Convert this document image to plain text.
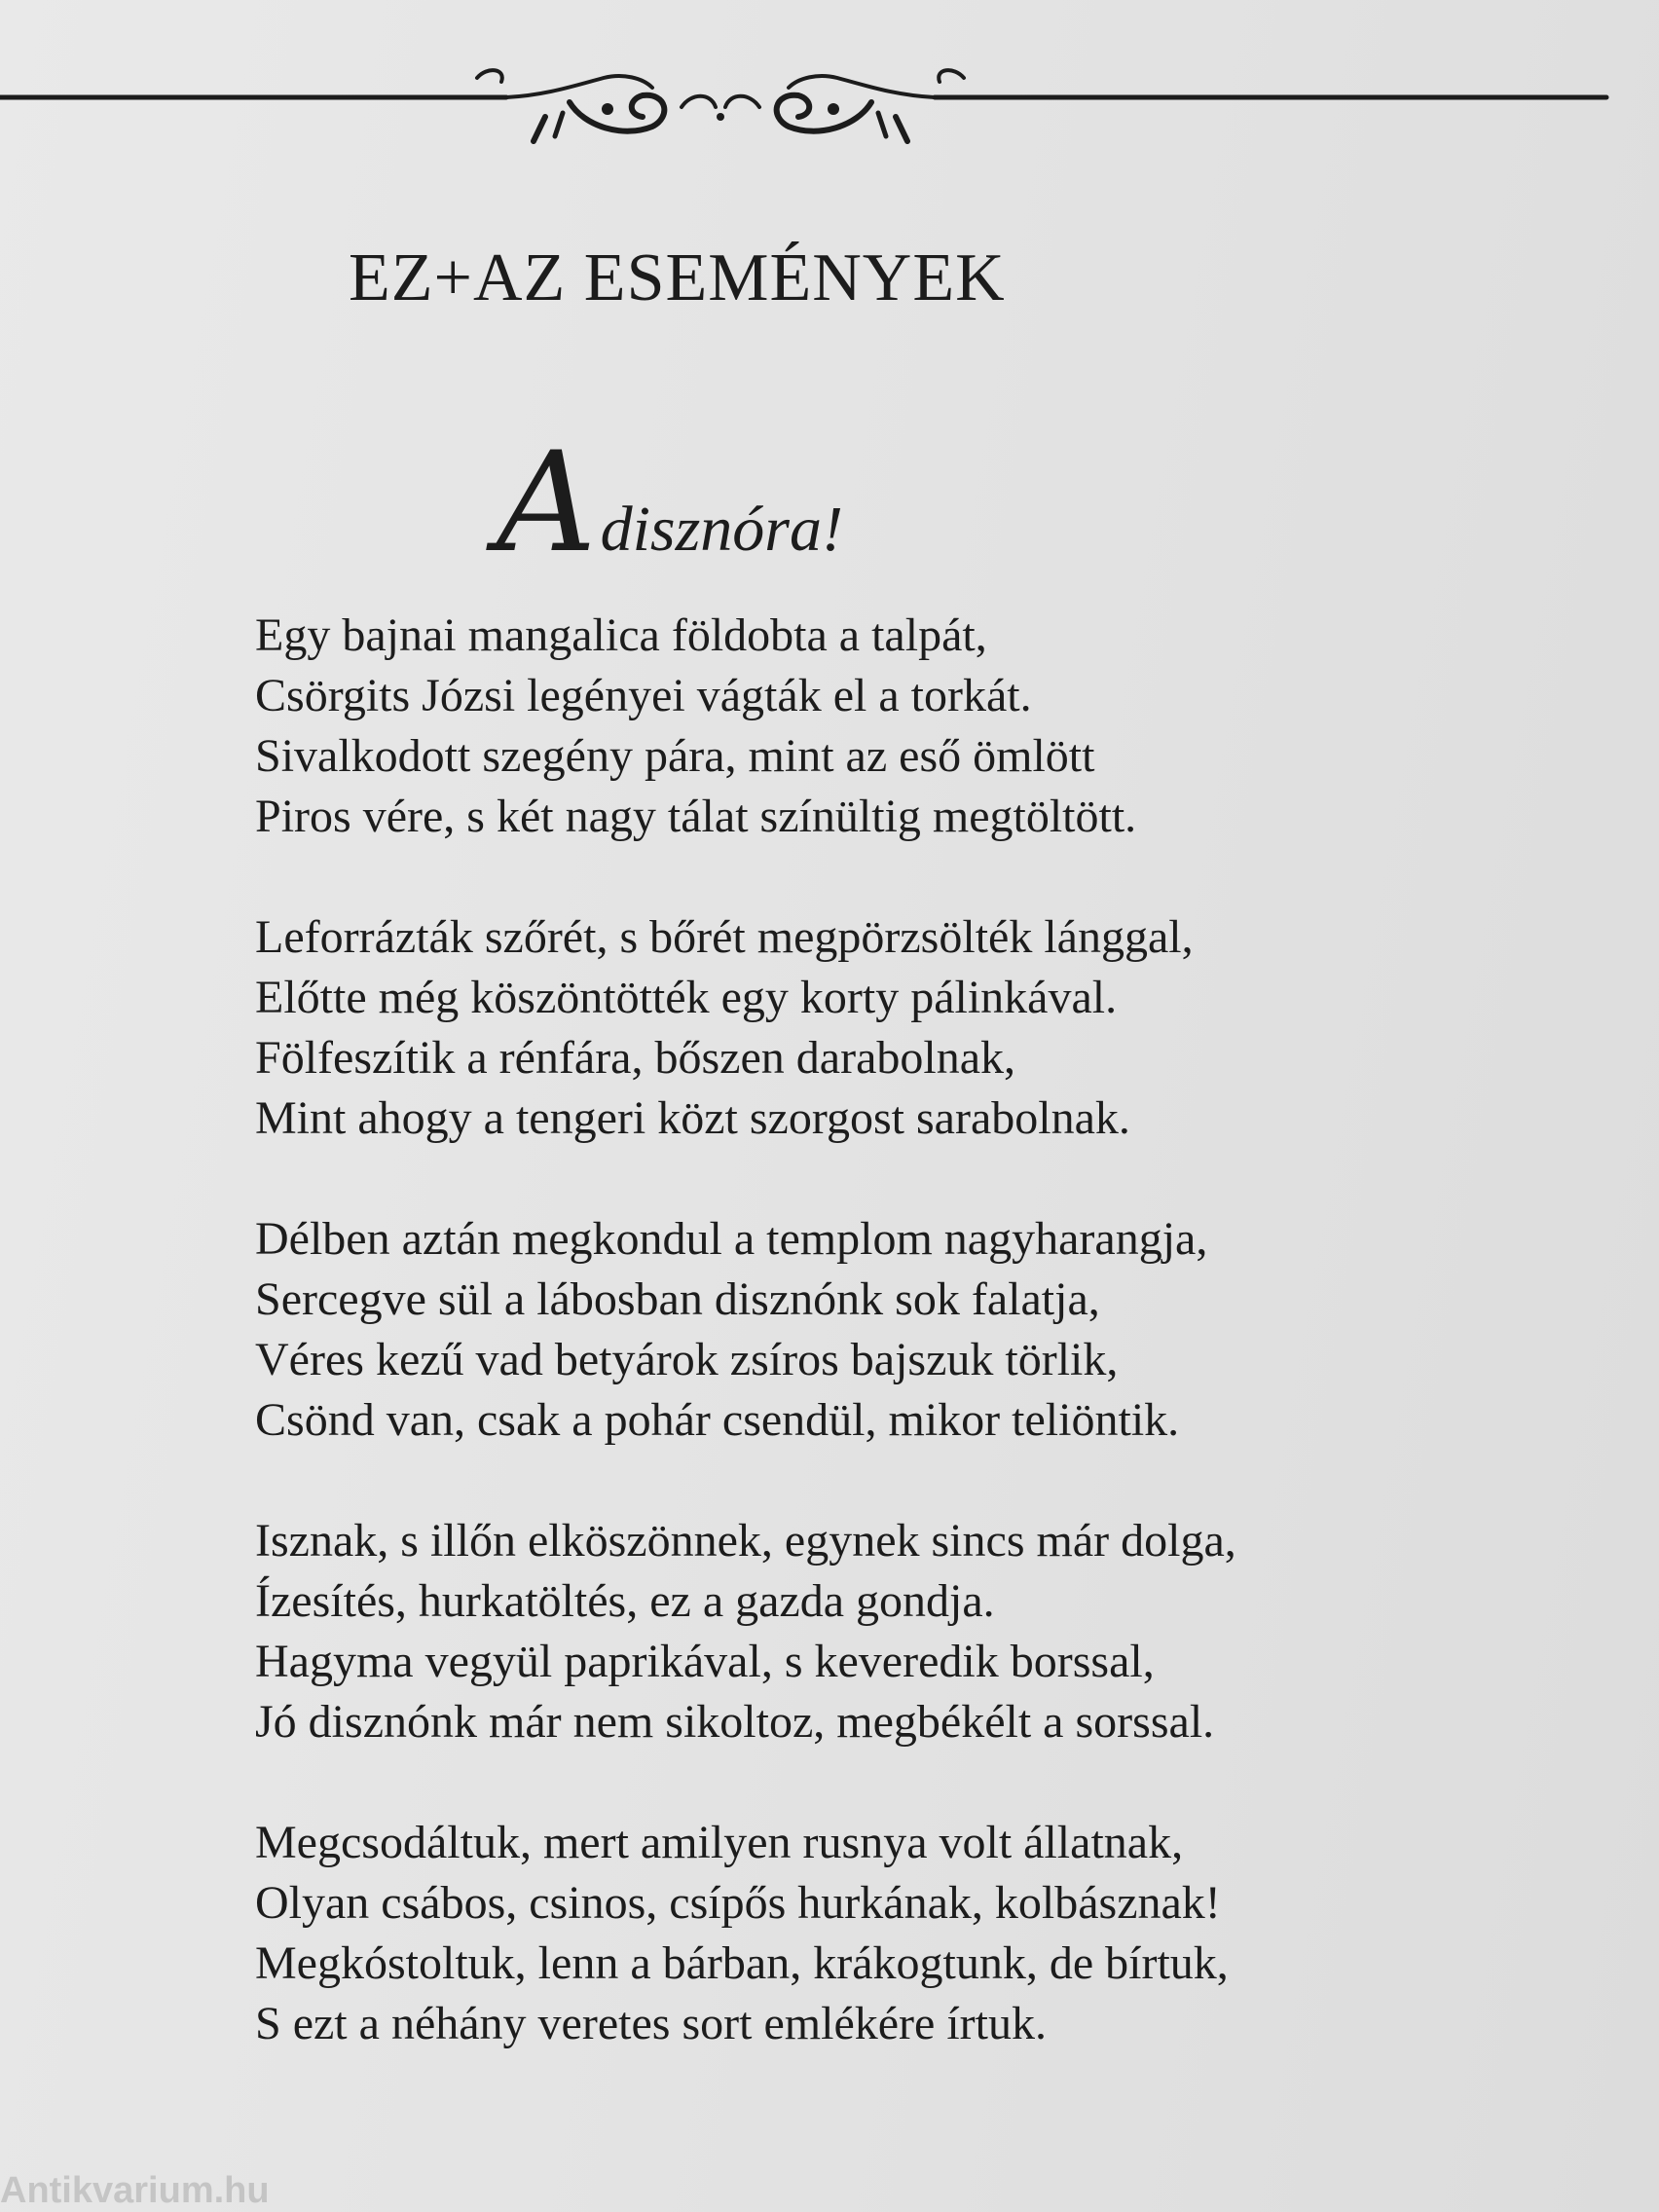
EZ+AZ ESEMÉNYEK
Adisznóra!
Egy bajnai mangalica földobta a talpát,
Csörgits Józsi legényei vágták el a torkát.
Sivalkodott szegény pára, mint az eső ömlött
Piros vére, s két nagy tálat színültig megtöltött.
Leforrázták szőrét, s bőrét megpörzsölték lánggal,
Előtte még köszöntötték egy korty pálinkával.
Fölfeszítik a rénfára, bőszen darabolnak,
Mint ahogy a tengeri közt szorgost sarabolnak.
Délben aztán megkondul a templom nagyharangja,
Sercegve sül a lábosban disznónk sok falatja,
Véres kezű vad betyárok zsíros bajszuk törlik,
Csönd van, csak a pohár csendül, mikor teliöntik.
Isznak, s illőn elköszönnek, egynek sincs már dolga,
Ízesítés, hurkatöltés, ez a gazda gondja.
Hagyma vegyül paprikával, s keveredik borssal,
Jó disznónk már nem sikoltoz, megbékélt a sorssal.
Megcsodáltuk, mert amilyen rusnya volt állatnak,
Olyan csábos, csinos, csípős hurkának, kolbásznak!
Megkóstoltuk, lenn a bárban, krákogtunk, de bírtuk,
S ezt a néhány veretes sort emlékére írtuk.
Antikvarium.hu
